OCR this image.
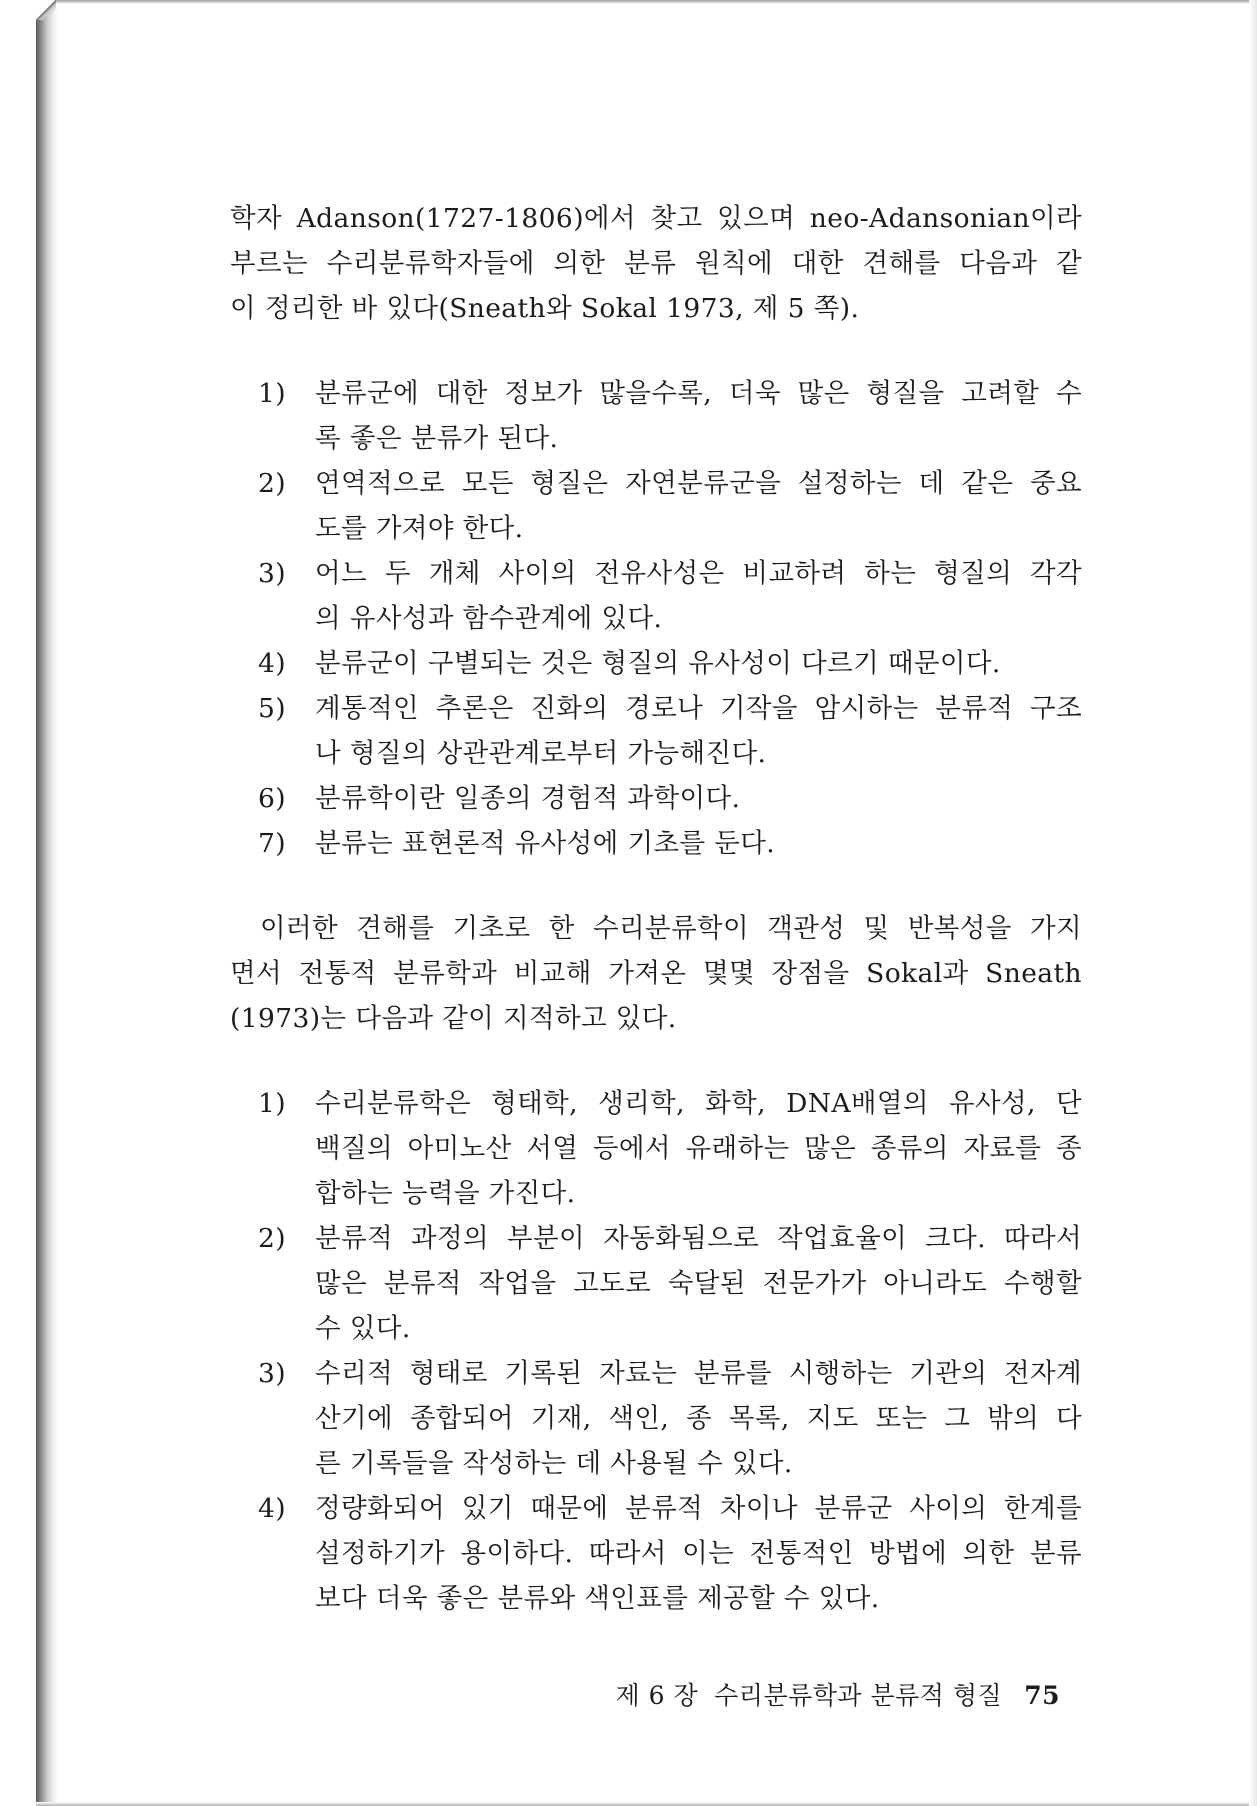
학자 Adanson(1727-1806)에서 찾고 있으며 neo-Adansonian이라
부르는 수리분류학자들에 의한 분류 원칙에 대한 견해를 다음과 같
이 정리한 바 있다(Sneath와 Sokal 1973, 제 5 쪽).

1)	분류군에 대한 정보가 많을수록, 더욱 많은 형질을 고려할 수
록 좋은 분류가 된다.
2)	연역적으로 모든 형질은 자연분류군을 설정하는 데 같은 중요
도를 가져야 한다.
3)	어느 두 개체 사이의 전유사성은 비교하려 하는 형질의 각각
의 유사성과 함수관계에 있다.
4)	분류군이 구별되는 것은 형질의 유사성이 다르기 때문이다.
5)	계통적인 추론은 진화의 경로나 기작을 암시하는 분류적 구조
나 형질의 상관관계로부터 가능해진다.
6)	분류학이란 일종의 경험적 과학이다.
7)	분류는 표현론적 유사성에 기초를 둔다.

이러한 견해를 기초로 한 수리분류학이 객관성 및 반복성을 가지
면서 전통적 분류학과 비교해 가져온 몇몇 장점을 Sokal과 Sneath
(1973)는 다음과 같이 지적하고 있다.

1)	수리분류학은 형태학, 생리학, 화학, DNA배열의 유사성, 단
백질의 아미노산 서열 등에서 유래하는 많은 종류의 자료를 종
합하는 능력을 가진다.
2)	분류적 과정의 부분이 자동화됨으로 작업효율이 크다. 따라서
많은 분류적 작업을 고도로 숙달된 전문가가 아니라도 수행할
수 있다.
3)	수리적 형태로 기록된 자료는 분류를 시행하는 기관의 전자계
산기에 종합되어 기재, 색인, 종 목록, 지도 또는 그 밖의 다
른 기록들을 작성하는 데 사용될 수 있다.
4)	정량화되어 있기 때문에 분류적 차이나 분류군 사이의 한계를
설정하기가 용이하다. 따라서 이는 전통적인 방법에 의한 분류
보다 더욱 좋은 분류와 색인표를 제공할 수 있다.
제 6 장 수리분류학과 분류적 형질 75
